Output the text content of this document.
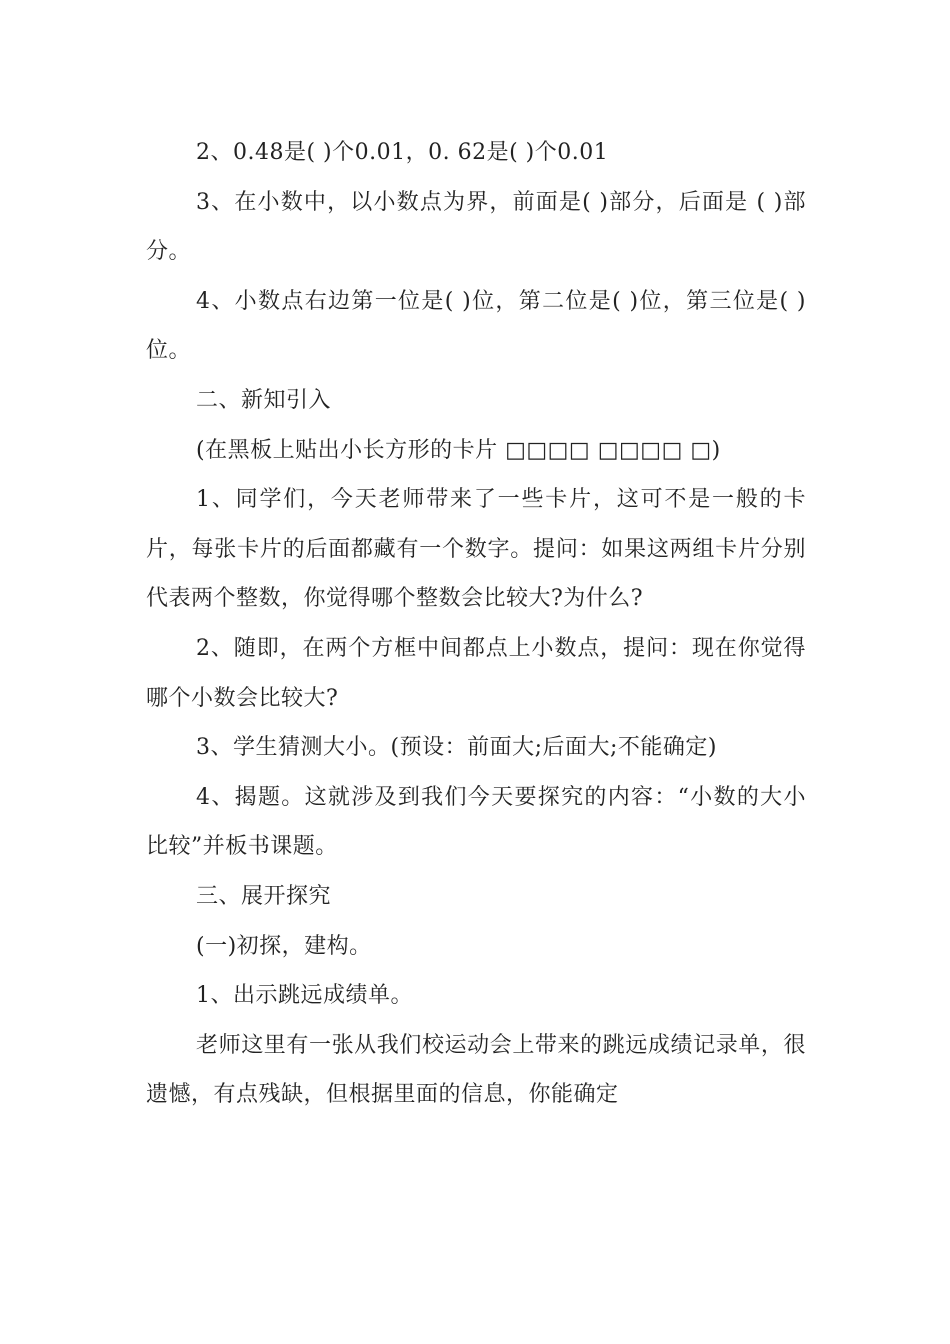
2、0.48是( )个0.01，0. 62是( )个0.01

3、在小数中，以小数点为界，前面是( )部分，后面是 ( )部分。

4、小数点右边第一位是( )位，第二位是( )位，第三位是( )位。

二、新知引入

(在黑板上贴出小长方形的卡片 □□□□ □□□□ □)

1、同学们，今天老师带来了一些卡片，这可不是一般的卡片，每张卡片的后面都藏有一个数字。提问：如果这两组卡片分别代表两个整数，你觉得哪个整数会比较大?为什么?

2、随即，在两个方框中间都点上小数点，提问：现在你觉得哪个小数会比较大?

3、学生猜测大小。(预设：前面大;后面大;不能确定)

4、揭题。这就涉及到我们今天要探究的内容：“小数的大小比较”并板书课题。

三、展开探究

(一)初探，建构。

1、出示跳远成绩单。

老师这里有一张从我们校运动会上带来的跳远成绩记录单，很遗憾，有点残缺，但根据里面的信息，你能确定
